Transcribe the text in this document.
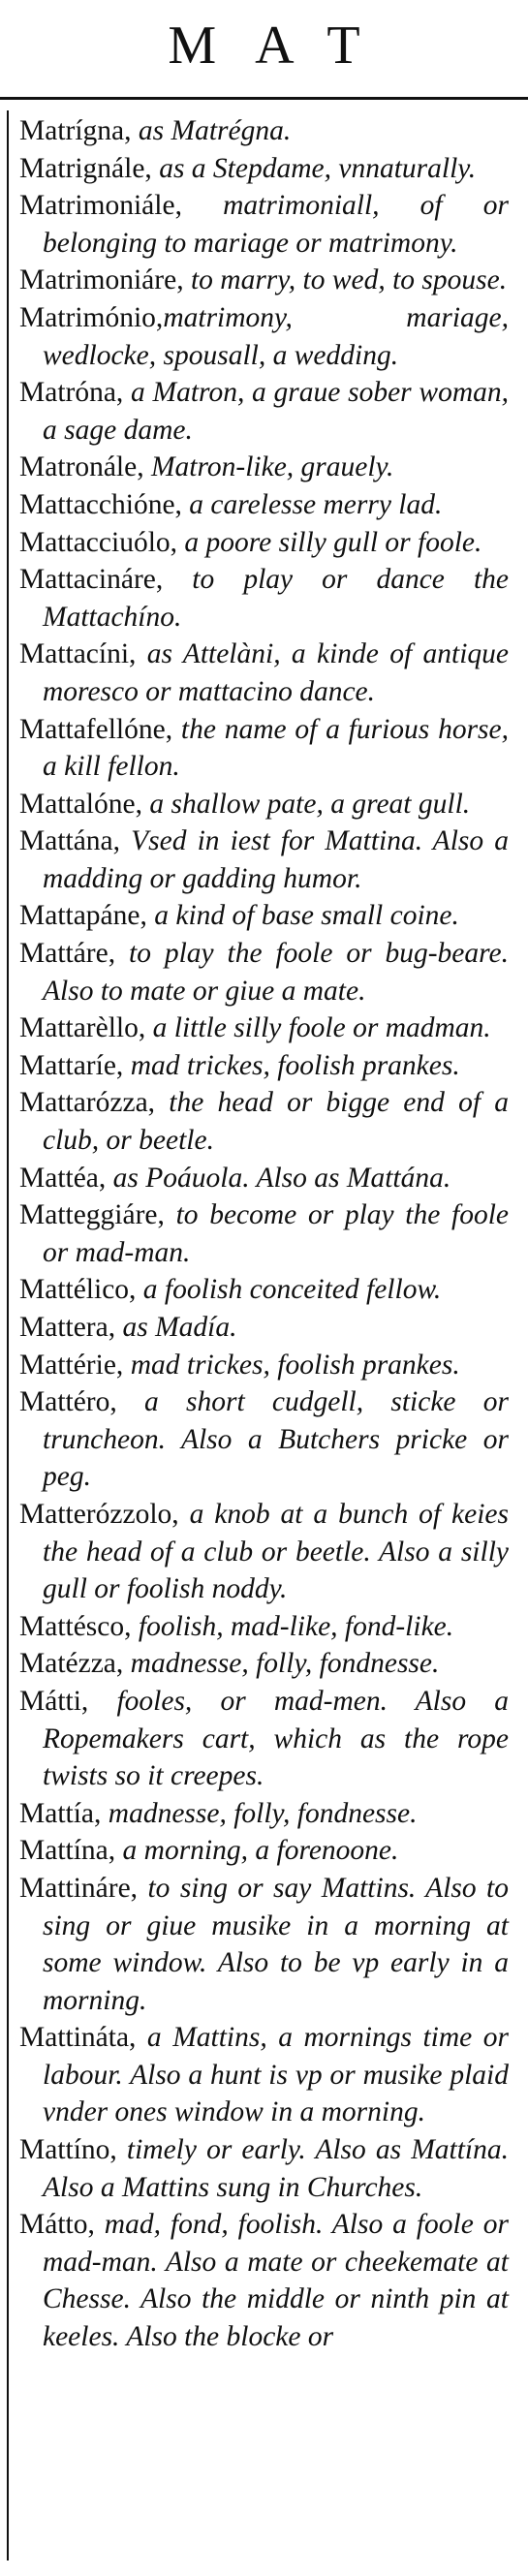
MAT
Matrígna, as Matrégna.
Matrignále, as a Stepdame, vnnaturally.
Matrimoniále, matrimoniall, of or belonging to mariage or matrimony.
Matrimoniáre, to marry, to wed, to spouse.
Matrimónio,matrimony, mariage, wedlocke, spousall, a wedding.
Matróna, a Matron, a graue sober woman, a sage dame.
Matronále, Matron-like, grauely.
Mattacchióne, a carelesse merry lad.
Mattacciuólo, a poore silly gull or foole.
Mattacináre, to play or dance the Mattachíno.
Mattacíni, as Attelàni, a kinde of antique moresco or mattacino dance.
Mattafellóne, the name of a furious horse, a kill fellon.
Mattalóne, a shallow pate, a great gull.
Mattána, Vsed in iest for Mattina. Also a madding or gadding humor.
Mattapáne, a kind of base small coine.
Mattáre, to play the foole or bug-beare. Also to mate or giue a mate.
Mattarèllo, a little silly foole or madman.
Mattaríe, mad trickes, foolish prankes.
Mattarózza, the head or bigge end of a club, or beetle.
Mattéa, as Poáuola. Also as Mattána.
Matteggiáre, to become or play the foole or mad-man.
Mattélico, a foolish conceited fellow.
Mattera, as Madía.
Mattérie, mad trickes, foolish prankes.
Mattéro, a short cudgell, sticke or truncheon. Also a Butchers pricke or peg.
Matterózzolo, a knob at a bunch of keies the head of a club or beetle. Also a silly gull or foolish noddy.
Mattésco, foolish, mad-like, fond-like.
Matézza, madnesse, folly, fondnesse.
Mátti, fooles, or mad-men. Also a Ropemakers cart, which as the rope twists so it creepes.
Mattía, madnesse, folly, fondnesse.
Mattína, a morning, a forenoone.
Mattináre, to sing or say Mattins. Also to sing or giue musike in a morning at some window. Also to be vp early in a morning.
Mattináta, a Mattins, a mornings time or labour. Also a hunt is vp or musike plaid vnder ones window in a morning.
Mattíno, timely or early. Also as Mattína. Also a Mattins sung in Churches.
Mátto, mad, fond, foolish. Also a foole or mad-man. Also a mate or cheekemate at Chesse. Also the middle or ninth pin at keeles. Also the blocke or
